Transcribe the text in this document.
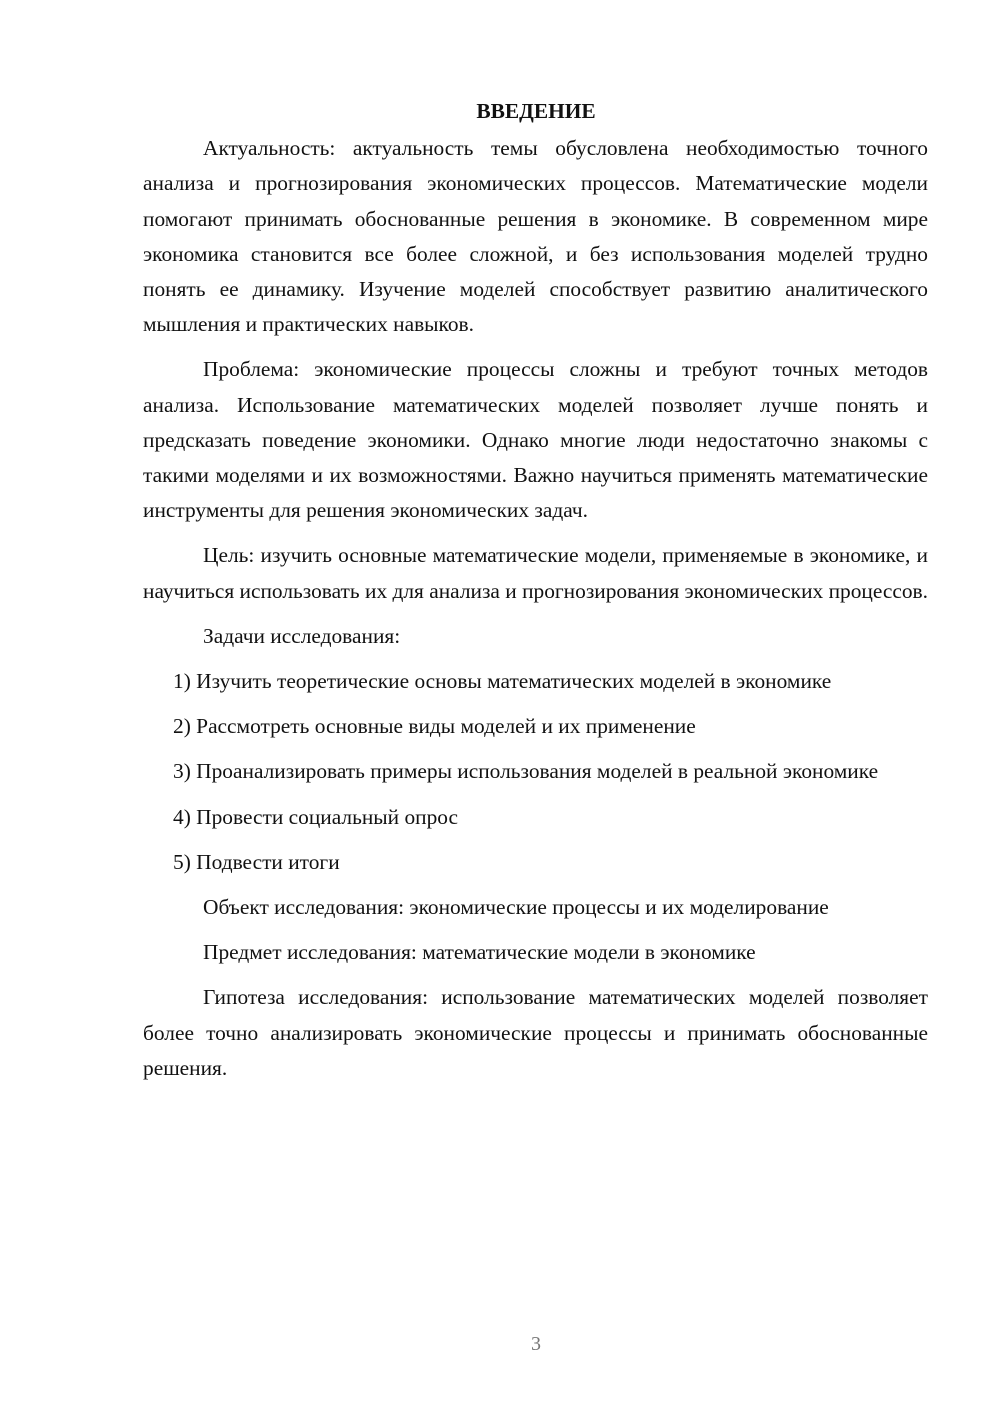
ВВЕДЕНИЕ

Актуальность: актуальность темы обусловлена необходимостью точного анализа и прогнозирования экономических процессов. Математические модели помогают принимать обоснованные решения в экономике. В современном мире экономика становится все более сложной, и без использования моделей трудно понять ее динамику. Изучение моделей способствует развитию аналитического мышления и практических навыков.

Проблема: экономические процессы сложны и требуют точных методов анализа. Использование математических моделей позволяет лучше понять и предсказать поведение экономики. Однако многие люди недостаточно знакомы с такими моделями и их возможностями. Важно научиться применять математические инструменты для решения экономических задач.

Цель: изучить основные математические модели, применяемые в экономике, и научиться использовать их для анализа и прогнозирования экономических процессов.

Задачи исследования:

1) Изучить теоретические основы математических моделей в экономике

2) Рассмотреть основные виды моделей и их применение

3) Проанализировать примеры использования моделей в реальной экономике

4) Провести социальный опрос

5) Подвести итоги

Объект исследования: экономические процессы и их моделирование

Предмет исследования: математические модели в экономике

Гипотеза исследования: использование математических моделей позволяет более точно анализировать экономические процессы и принимать обоснованные решения.

3
